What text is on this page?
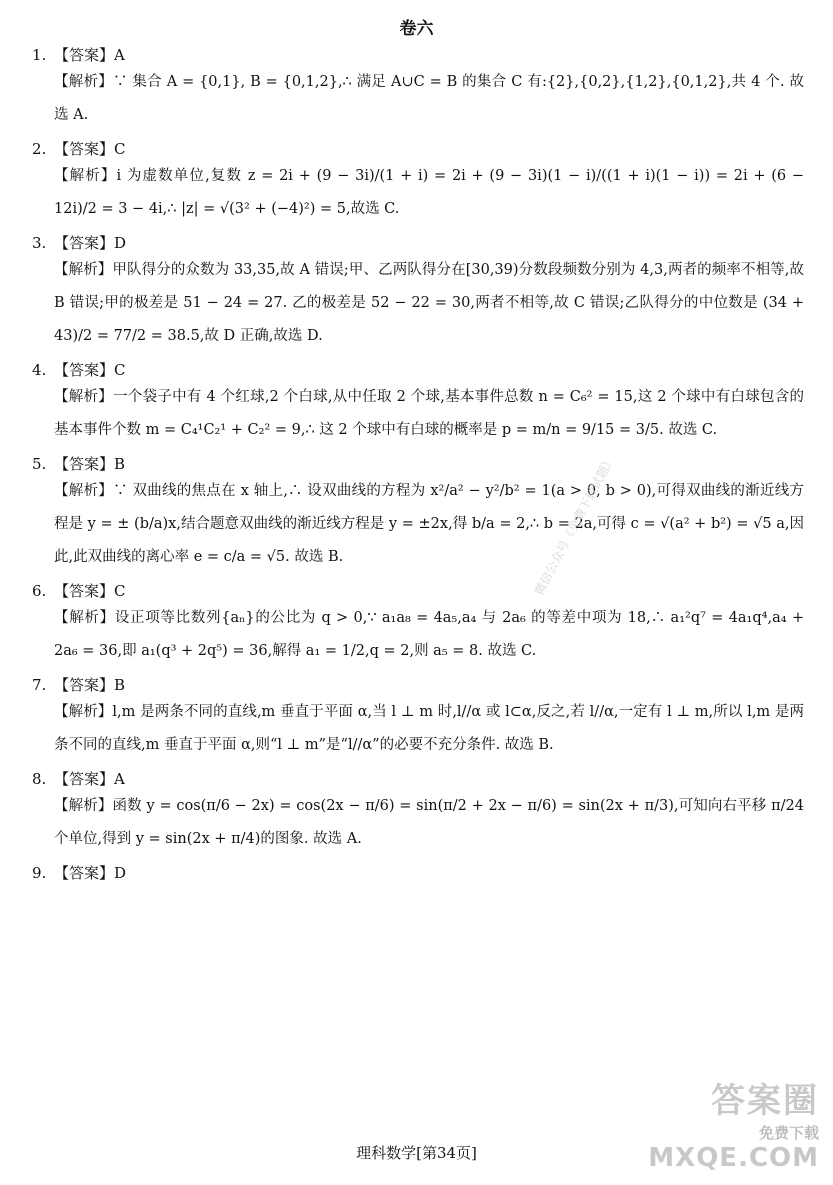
卷六
1. 【答案】A
【解析】∵ 集合 A = {0,1}, B = {0,1,2},∴ 满足 A∪C = B 的集合 C 有:{2},{0,2},{1,2},{0,1,2},共 4 个. 故选 A.
2. 【答案】C
【解析】i 为虚数单位,复数 z = 2i + (9 − 3i)/(1 + i) = 2i + (9 − 3i)(1 − i)/((1 + i)(1 − i)) = 2i + (6 − 12i)/2 = 3 − 4i,∴ |z| = √(3² + (−4)²) = 5,故选 C.
3. 【答案】D
【解析】甲队得分的众数为 33,35,故 A 错误;甲、乙两队得分在[30,39)分数段频数分别为 4,3,两者的频率不相等,故 B 错误;甲的极差是 51 − 24 = 27. 乙的极差是 52 − 22 = 30,两者不相等,故 C 错误;乙队得分的中位数是 (34 + 43)/2 = 77/2 = 38.5,故 D 正确,故选 D.
4. 【答案】C
【解析】一个袋子中有 4 个红球,2 个白球,从中任取 2 个球,基本事件总数 n = C₆² = 15,这 2 个球中有白球包含的基本事件个数 m = C₄¹C₂¹ + C₂² = 9,∴ 这 2 个球中有白球的概率是 p = m/n = 9/15 = 3/5. 故选 C.
5. 【答案】B
【解析】∵ 双曲线的焦点在 x 轴上,∴ 设双曲线的方程为 x²/a² − y²/b² = 1(a > 0, b > 0),可得双曲线的渐近线方程是 y = ± (b/a)x,结合题意双曲线的渐近线方程是 y = ±2x,得 b/a = 2,∴ b = 2a,可得 c = √(a² + b²) = √5 a,因此,此双曲线的离心率 e = c/a = √5. 故选 B.
6. 【答案】C
【解析】设正项等比数列{aₙ}的公比为 q > 0,∵ a₁a₈ = 4a₅,a₄ 与 2a₆ 的等差中项为 18,∴ a₁²q⁷ = 4a₁q⁴,a₄ + 2a₆ = 36,即 a₁(q³ + 2q⁵) = 36,解得 a₁ = 1/2,q = 2,则 a₅ = 8. 故选 C.
7. 【答案】B
【解析】l,m 是两条不同的直线,m 垂直于平面 α,当 l ⊥ m 时,l//α 或 l⊂α,反之,若 l//α,一定有 l ⊥ m,所以 l,m 是两条不同的直线,m 垂直于平面 α,则“l ⊥ m”是“l//α”的必要不充分条件. 故选 B.
8. 【答案】A
【解析】函数 y = cos(π/6 − 2x) = cos(2x − π/6) = sin(π/2 + 2x − π/6) = sin(2x + π/3),可知向右平移 π/24 个单位,得到 y = sin(2x + π/4)的图象. 故选 A.
9. 【答案】D
微信公众号《免费下载试题》
理科数学[第34页]
答案圈
免费下载
MXQE.COM
